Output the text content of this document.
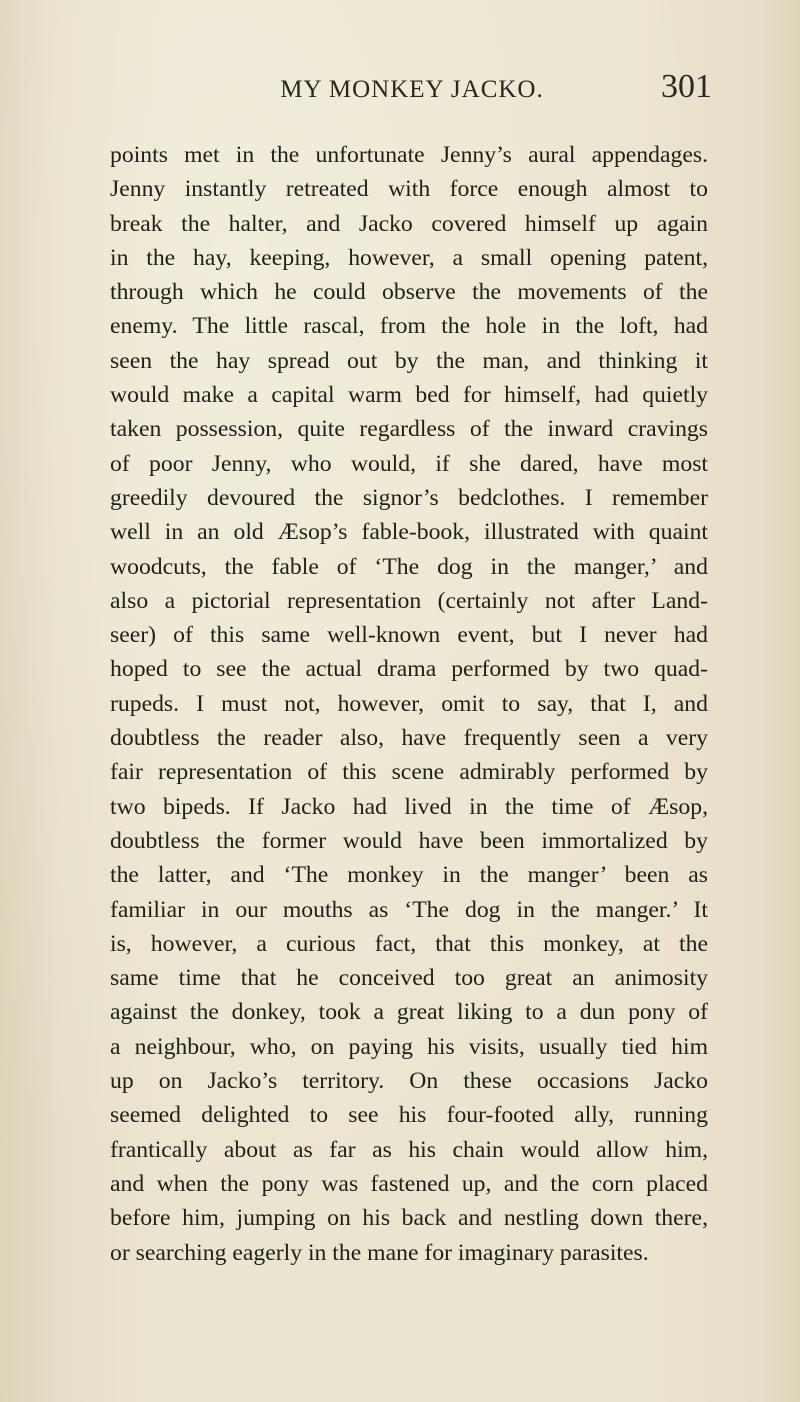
MY MONKEY JACKO.	301
points met in the unfortunate Jenny’s aural appendages.
Jenny instantly retreated with force enough almost to
break the halter, and Jacko covered himself up again
in the hay, keeping, however, a small opening patent,
through which he could observe the movements of the
enemy. The little rascal, from the hole in the loft, had
seen the hay spread out by the man, and thinking it
would make a capital warm bed for himself, had quietly
taken possession, quite regardless of the inward cravings
of poor Jenny, who would, if she dared, have most
greedily devoured the signor’s bedclothes. I remember
well in an old Æsop’s fable-book, illustrated with quaint
woodcuts, the fable of ‘The dog in the manger,’ and
also a pictorial representation (certainly not after Land-
seer) of this same well-known event, but I never had
hoped to see the actual drama performed by two quad-
rupeds. I must not, however, omit to say, that I, and
doubtless the reader also, have frequently seen a very
fair representation of this scene admirably performed by
two bipeds. If Jacko had lived in the time of Æsop,
doubtless the former would have been immortalized by
the latter, and ‘The monkey in the manger’ been as
familiar in our mouths as ‘The dog in the manger.’ It
is, however, a curious fact, that this monkey, at the
same time that he conceived too great an animosity
against the donkey, took a great liking to a dun pony of
a neighbour, who, on paying his visits, usually tied him
up on Jacko’s territory. On these occasions Jacko
seemed delighted to see his four-footed ally, running
frantically about as far as his chain would allow him,
and when the pony was fastened up, and the corn placed
before him, jumping on his back and nestling down there,
or searching eagerly in the mane for imaginary parasites.
